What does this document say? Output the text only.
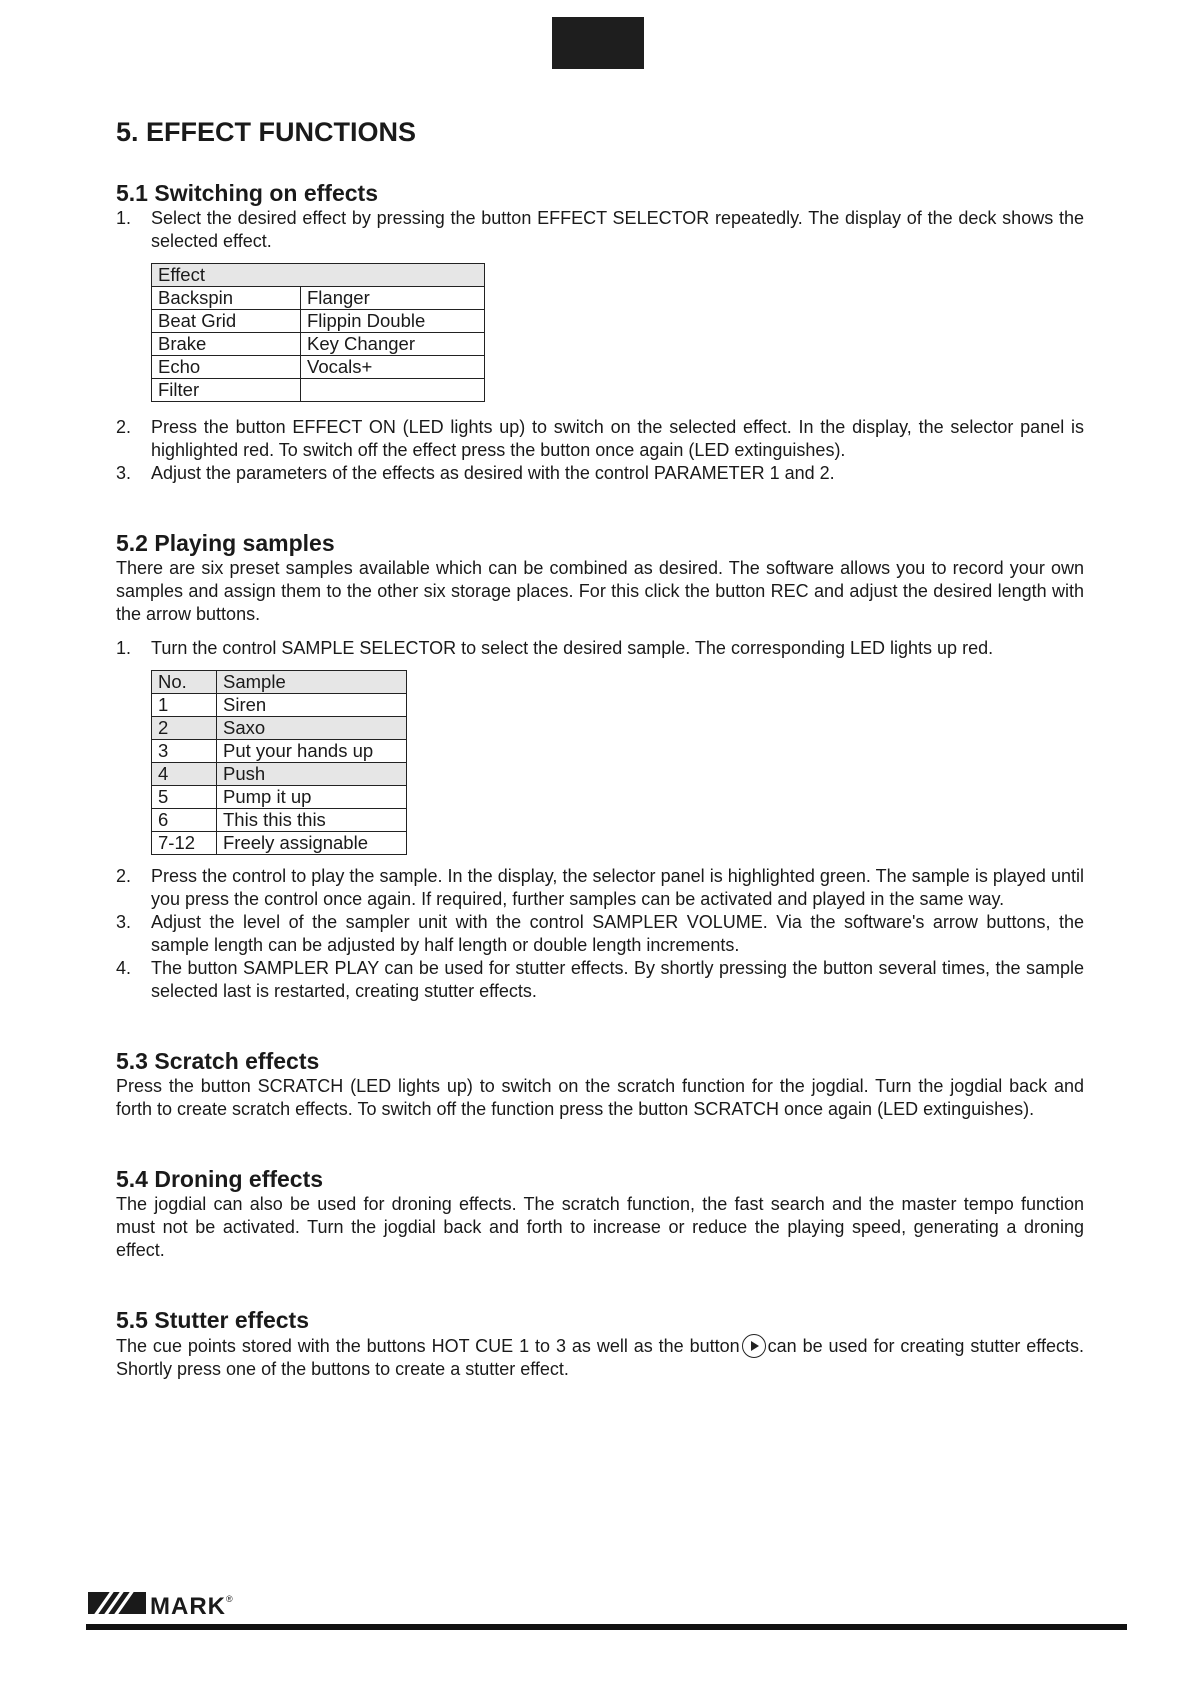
5. EFFECT FUNCTIONS
5.1 Switching on effects
1. Select the desired effect by pressing the button EFFECT SELECTOR repeatedly. The display of the deck shows the selected effect.
Effect	
Backspin	Flanger
Beat Grid	Flippin Double
Brake	Key Changer
Echo	Vocals+
Filter	
2. Press the button EFFECT ON (LED lights up) to switch on the selected effect. In the display, the selector panel is highlighted red. To switch off the effect press the button once again (LED extinguishes).
3. Adjust the parameters of the effects as desired with the control PARAMETER 1 and 2.
5.2 Playing samples

There are six preset samples available which can be combined as desired. The software allows you to record your own samples and assign them to the other six storage places. For this click the button REC and adjust the desired length with the arrow buttons.

1. Turn the control SAMPLE SELECTOR to select the desired sample. The corresponding LED lights up red.
No.	Sample
1	Siren
2	Saxo
3	Put your hands up
4	Push
5	Pump it up
6	This this this
7-12	Freely assignable
2. Press the control to play the sample. In the display, the selector panel is highlighted green. The sample is played until you press the control once again. If required, further samples can be activated and played in the same way.
3. Adjust the level of the sampler unit with the control SAMPLER VOLUME. Via the software's arrow buttons, the sample length can be adjusted by half length or double length increments.
4. The button SAMPLER PLAY can be used for stutter effects. By shortly pressing the button several times, the sample selected last is restarted, creating stutter effects.
5.3 Scratch effects

Press the button SCRATCH (LED lights up) to switch on the scratch function for the jogdial. Turn the jogdial back and forth to create scratch effects. To switch off the function press the button SCRATCH once again (LED extinguishes).

5.4 Droning effects

The jogdial can also be used for droning effects. The scratch function, the fast search and the master tempo function must not be activated. Turn the jogdial back and forth to increase or reduce the playing speed, generating a droning effect.

5.5 Stutter effects

The cue points stored with the buttons HOT CUE 1 to 3 as well as the button can be used for creating stutter effects. Shortly press one of the buttons to create a stutter effect.

MARK®
